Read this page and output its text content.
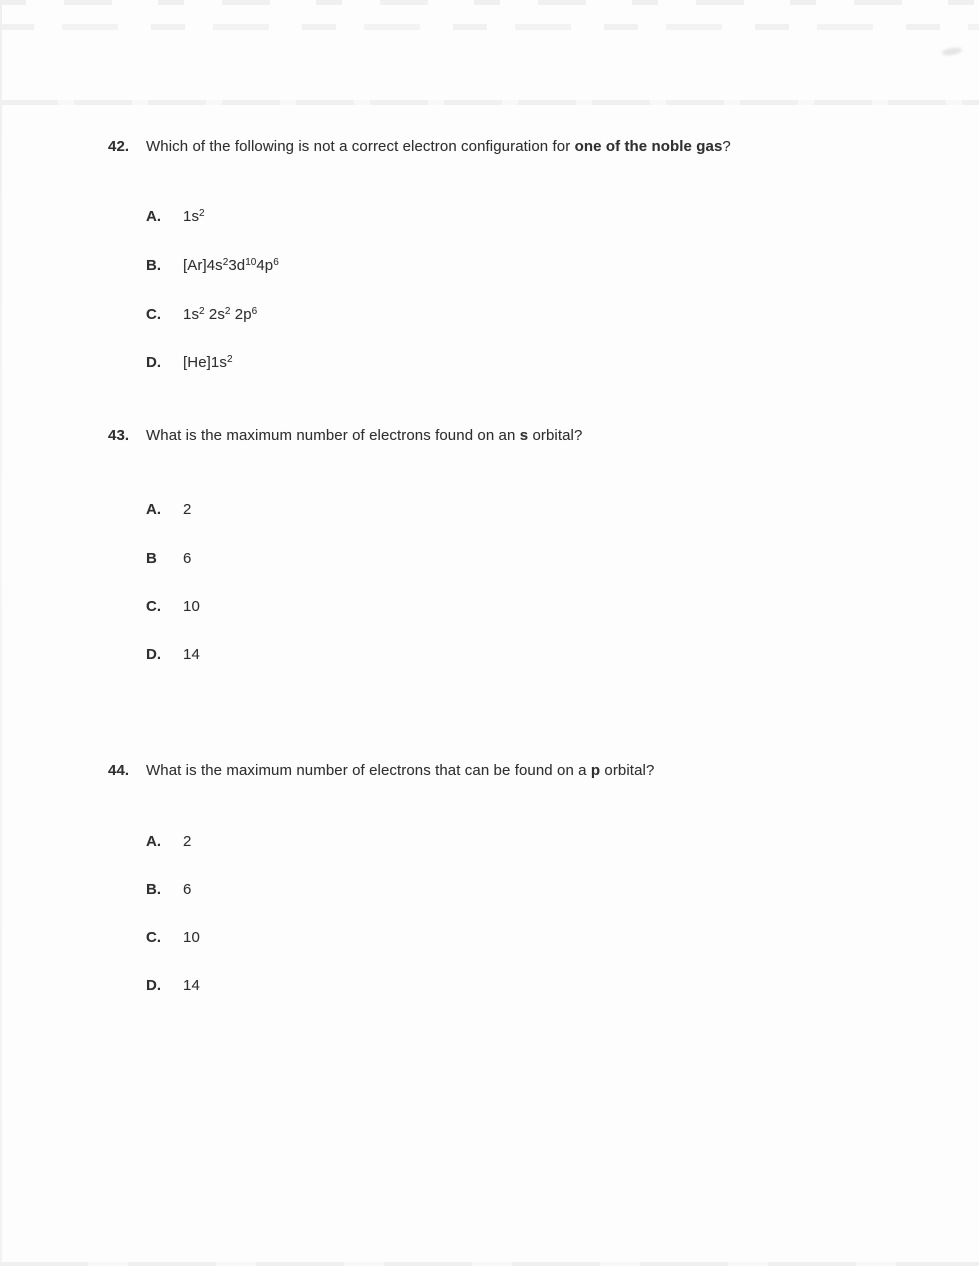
42.	Which of the following is not a correct electron configuration for one of the noble gas?
A.	$1s^2$
B.	$[Ar]4s^23d^{10}4p^6$
C.	$1s^2$ $2s^2$ $2p^6$
D.	$[He]1s^2$
43.	What is the maximum number of electrons found on an s orbital?
A.	2
B	6
C.	10
D.	14
44.	What is the maximum number of electrons that can be found on a p orbital?
A.	2
B.	6
C.	10
D.	14
